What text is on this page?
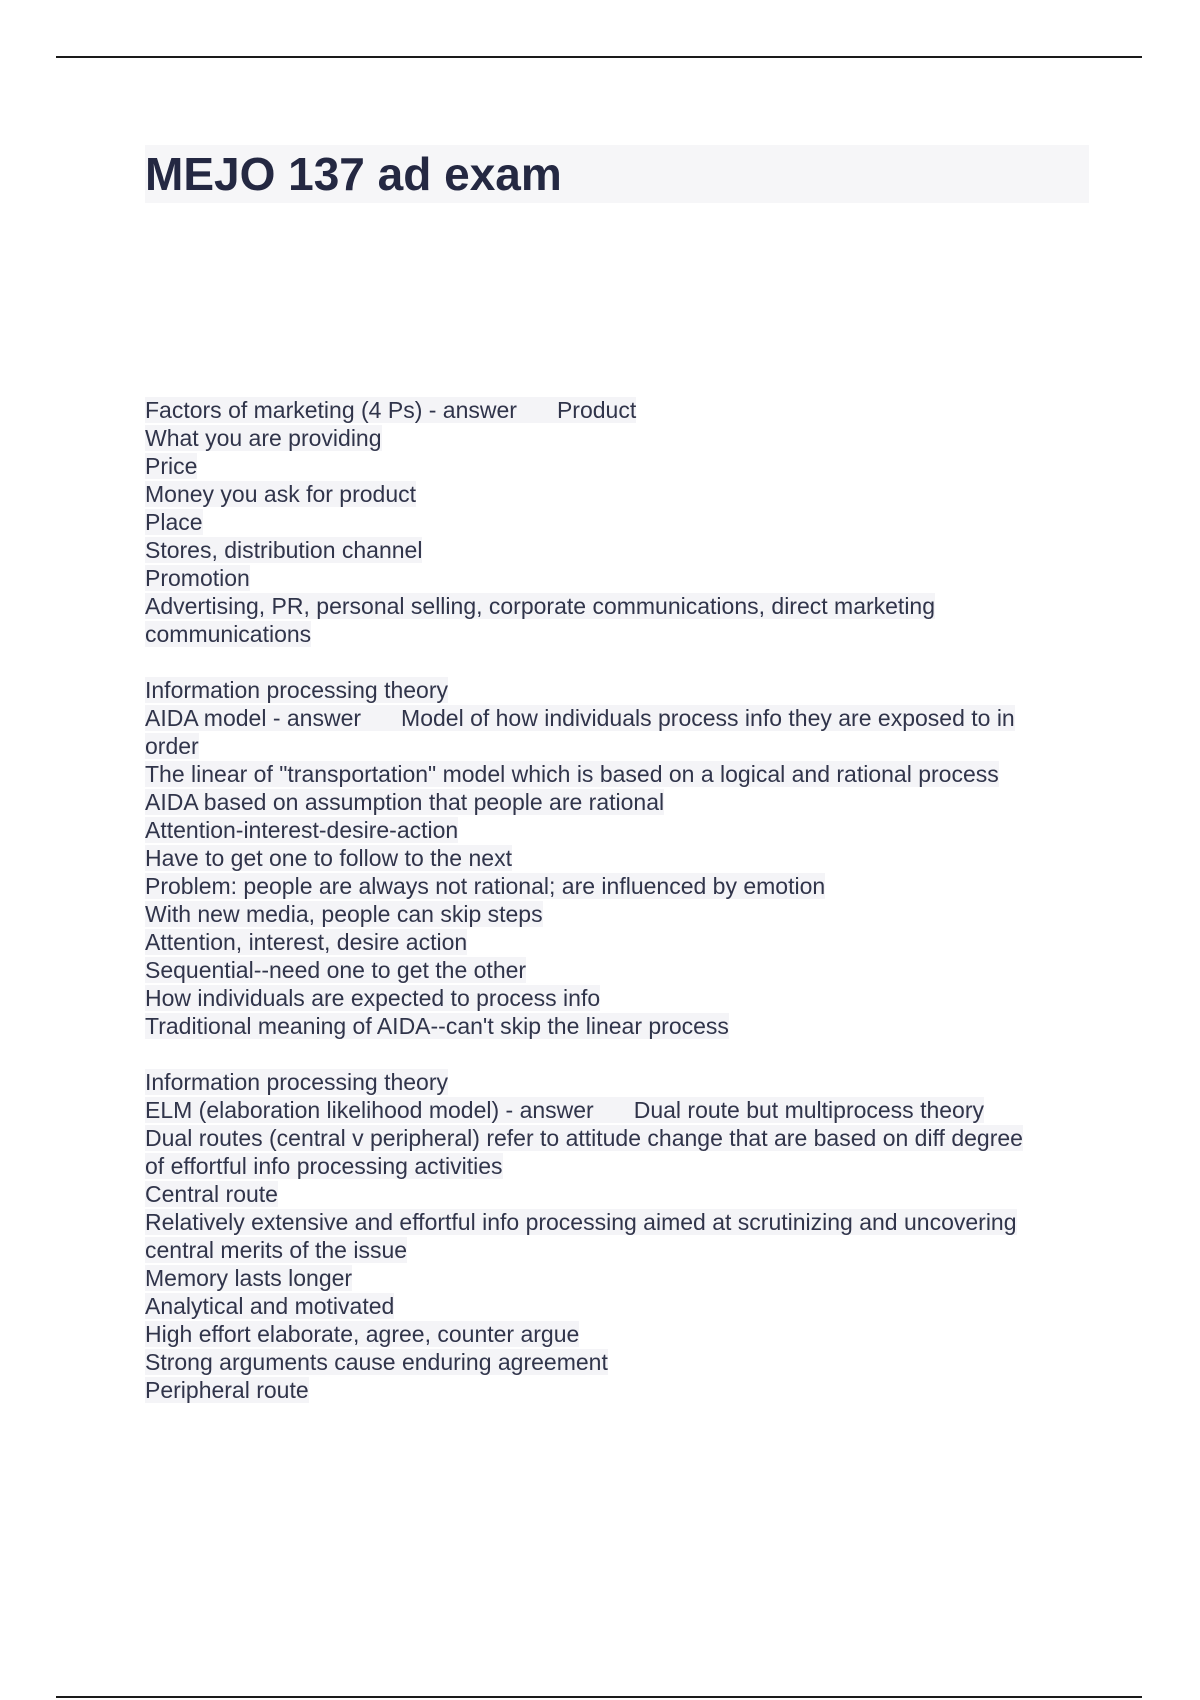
MEJO 137 ad exam
Factors of marketing (4 Ps) - answer Product
What you are providing
Price
Money you ask for product
Place
Stores, distribution channel
Promotion
Advertising, PR, personal selling, corporate communications, direct marketing
communications
Information processing theory
AIDA model - answer Model of how individuals process info they are exposed to in
order
The linear of "transportation" model which is based on a logical and rational process
AIDA based on assumption that people are rational
Attention-interest-desire-action
Have to get one to follow to the next
Problem: people are always not rational; are influenced by emotion
With new media, people can skip steps
Attention, interest, desire action
Sequential--need one to get the other
How individuals are expected to process info
Traditional meaning of AIDA--can't skip the linear process
Information processing theory
ELM (elaboration likelihood model) - answer Dual route but multiprocess theory
Dual routes (central v peripheral) refer to attitude change that are based on diff degree
of effortful info processing activities
Central route
Relatively extensive and effortful info processing aimed at scrutinizing and uncovering
central merits of the issue
Memory lasts longer
Analytical and motivated
High effort elaborate, agree, counter argue
Strong arguments cause enduring agreement
Peripheral route
